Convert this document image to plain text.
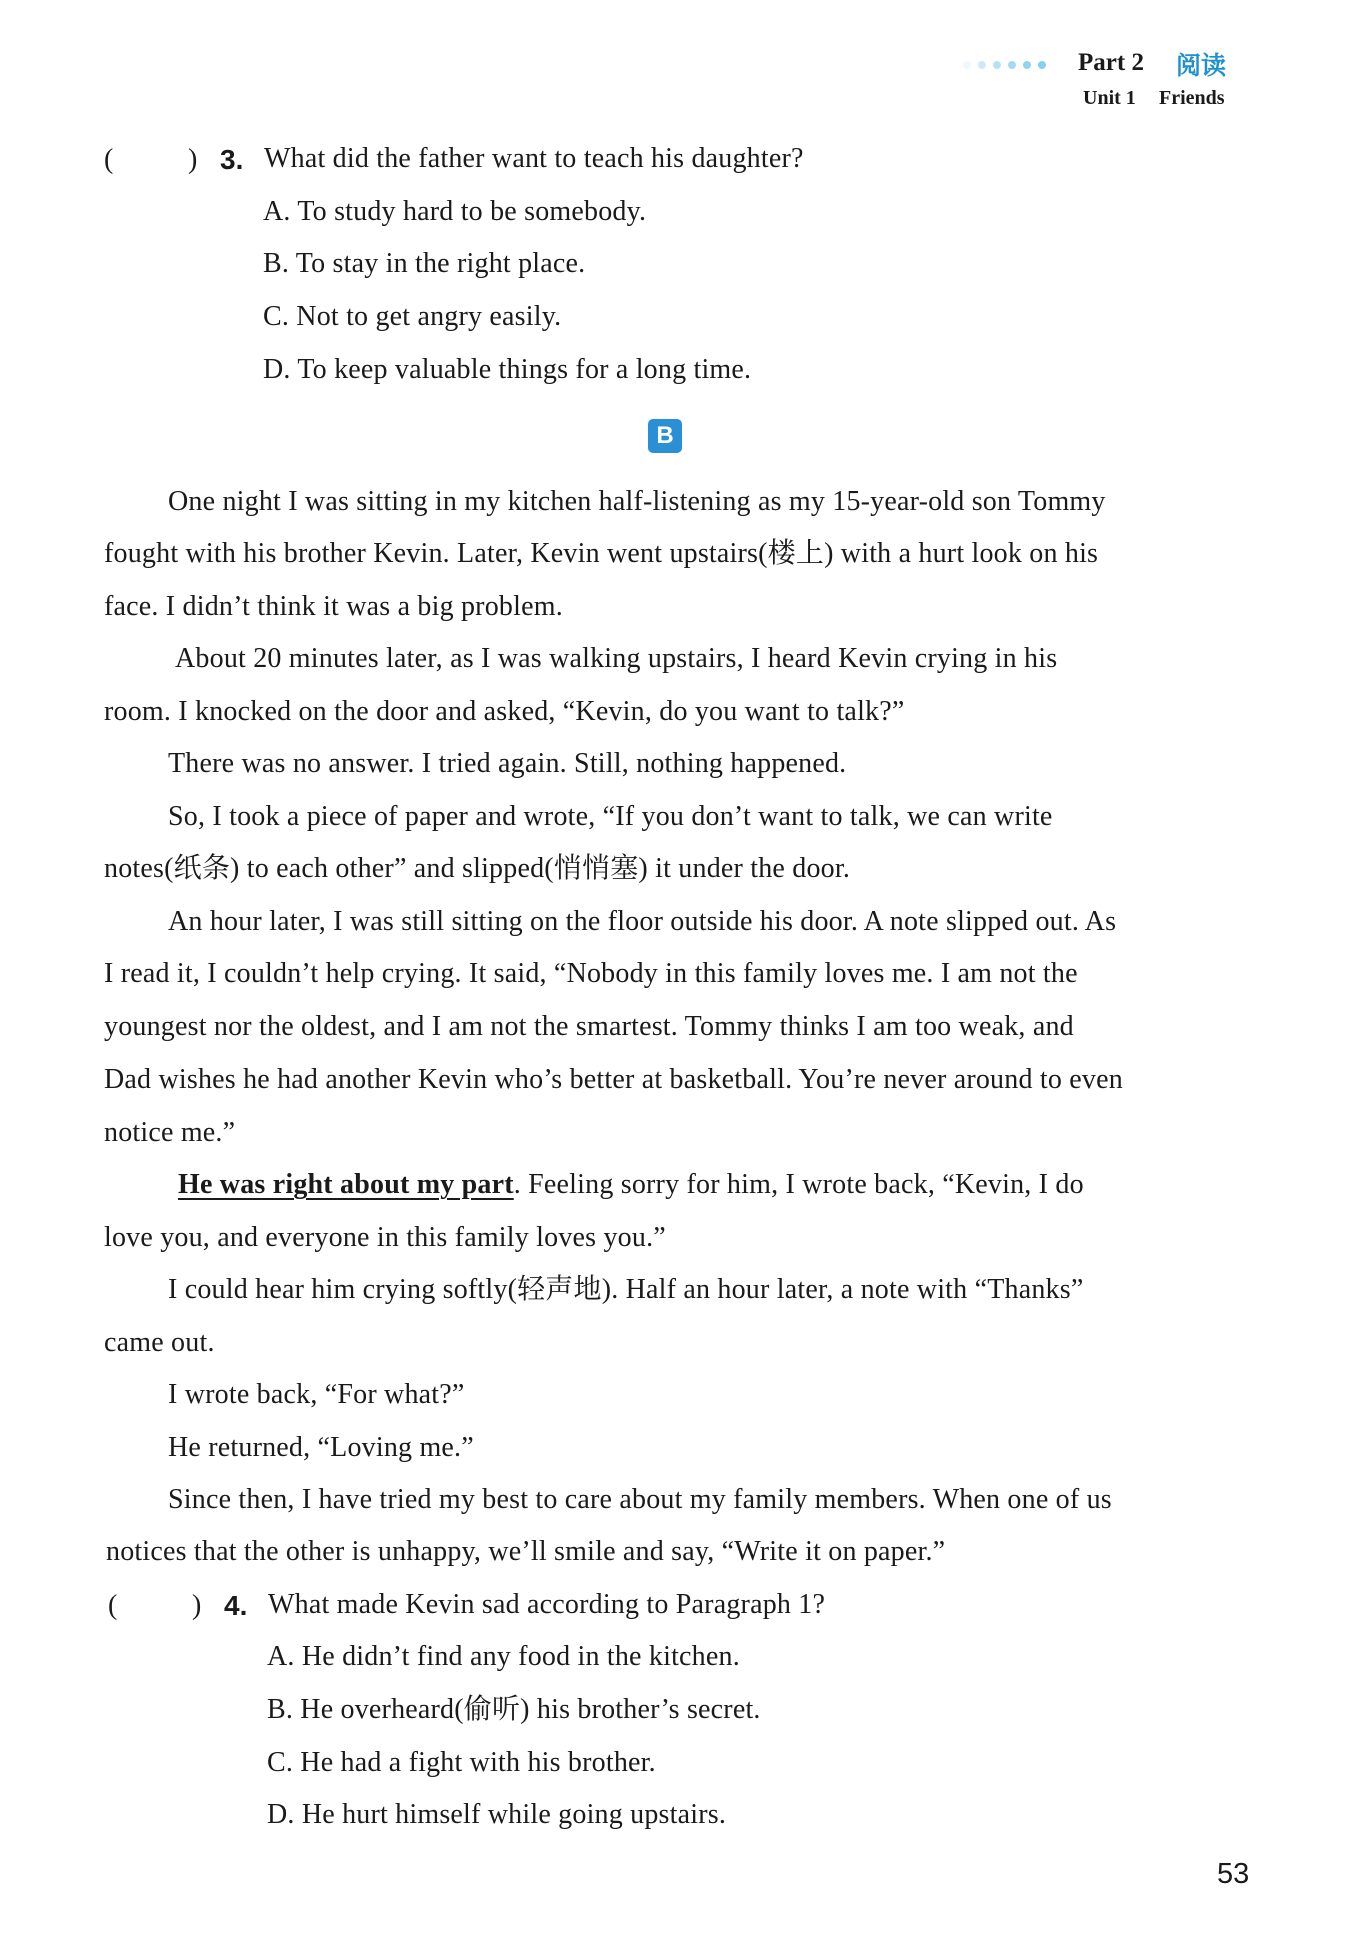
Part 2 阅读
Unit 1 Friends
(	) 3. What did the father want to teach his daughter?
A. To study hard to be somebody.
B. To stay in the right place.
C. Not to get angry easily.
D. To keep valuable things for a long time.
B
One night I was sitting in my kitchen half-listening as my 15-year-old son Tommy
fought with his brother Kevin. Later, Kevin went upstairs(楼上) with a hurt look on his
face. I didn’t think it was a big problem.
About 20 minutes later, as I was walking upstairs, I heard Kevin crying in his
room. I knocked on the door and asked, “Kevin, do you want to talk?”
There was no answer. I tried again. Still, nothing happened.
So, I took a piece of paper and wrote, “If you don’t want to talk, we can write
notes(纸条) to each other” and slipped(悄悄塞) it under the door.
An hour later, I was still sitting on the floor outside his door. A note slipped out. As
I read it, I couldn’t help crying. It said, “Nobody in this family loves me. I am not the
youngest nor the oldest, and I am not the smartest. Tommy thinks I am too weak, and
Dad wishes he had another Kevin who’s better at basketball. You’re never around to even
notice me.”
He was right about my part. Feeling sorry for him, I wrote back, “Kevin, I do
love you, and everyone in this family loves you.”
I could hear him crying softly(轻声地). Half an hour later, a note with “Thanks”
came out.
I wrote back, “For what?”
He returned, “Loving me.”
Since then, I have tried my best to care about my family members. When one of us
notices that the other is unhappy, we’ll smile and say, “Write it on paper.”
(	) 4. What made Kevin sad according to Paragraph 1?
A. He didn’t find any food in the kitchen.
B. He overheard(偷听) his brother’s secret.
C. He had a fight with his brother.
D. He hurt himself while going upstairs.
53
